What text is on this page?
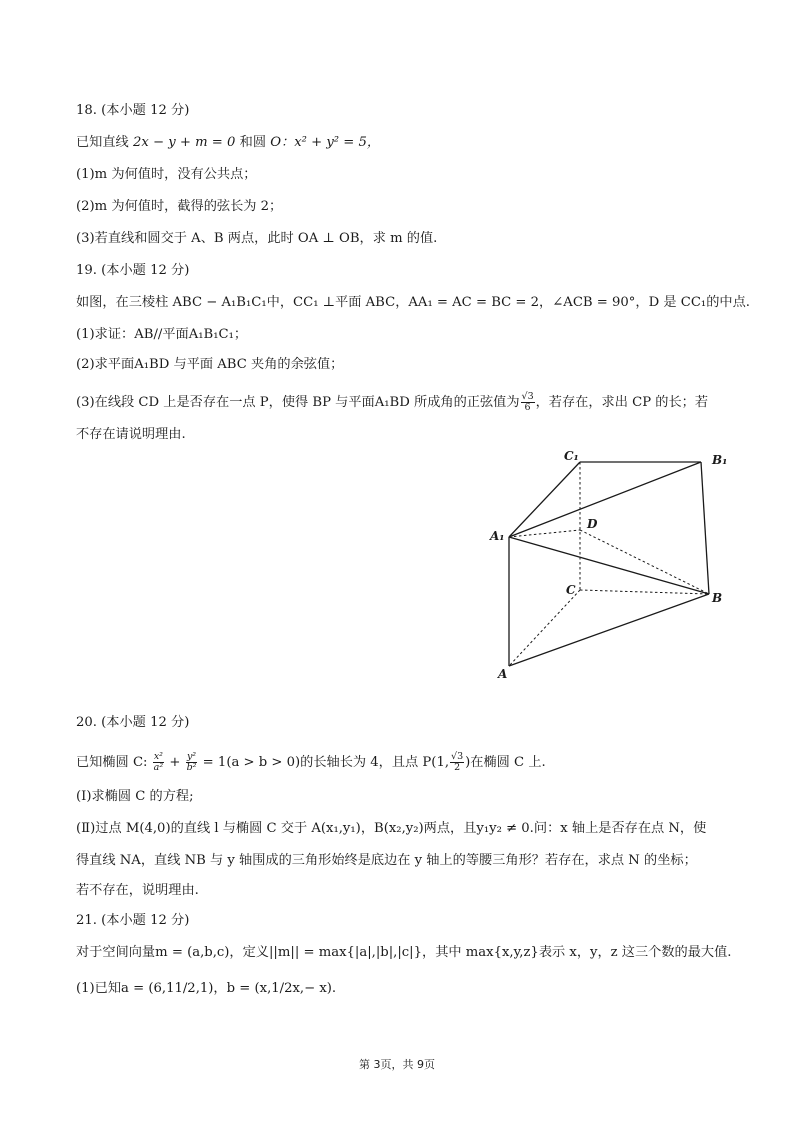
18. (本小题 12 分)
已知直线 2x − y + m = 0 和圆 O：x² + y² = 5，
(1)m 为何值时，没有公共点；
(2)m 为何值时，截得的弦长为 2；
(3)若直线和圆交于 A、B 两点，此时 OA ⊥ OB，求 m 的值.
19. (本小题 12 分)
如图，在三棱柱 ABC − A₁B₁C₁中，CC₁ ⊥平面 ABC，AA₁ = AC = BC = 2，∠ACB = 90°，D 是 CC₁的中点.
(1)求证：AB//平面A₁B₁C₁；
(2)求平面A₁BD 与平面 ABC 夹角的余弦值；
(3)在线段 CD 上是否存在一点 P，使得 BP 与平面A₁BD 所成角的正弦值为 $\frac{√3}{6}$ ，若存在，求出 CP 的长；若
不存在请说明理由.
C₁	B₁
A₁
D
C
B
A
20. (本小题 12 分)
已知椭圆 C: $\frac{\text{x²}}{\text{a²}} + \frac{\text{y²}}{\text{b²}} = 1(a > b > 0)$的长轴长为 4，且点 P(1, $\frac{√3}{2}$ )在椭圆 C 上.
(Ⅰ)求椭圆 C 的方程;
(Ⅱ)过点 M(4,0)的直线 l 与椭圆 C 交于 A(x₁,y₁)，B(x₂,y₂)两点，且y₁y₂ ≠ 0.问：x 轴上是否存在点 N，使
得直线 NA，直线 NB 与 y 轴围成的三角形始终是底边在 y 轴上的等腰三角形？若存在，求点 N 的坐标；
若不存在，说明理由.
21. (本小题 12 分)
对于空间向量m = (a,b,c)，定义||m|| = max{|a|,|b|,|c|}，其中 max{x,y,z}表示 x，y，z 这三个数的最大值.
(1)已知a = (6,11/2,1)，b = (x,1/2x,− x).
第 3页，共 9页
